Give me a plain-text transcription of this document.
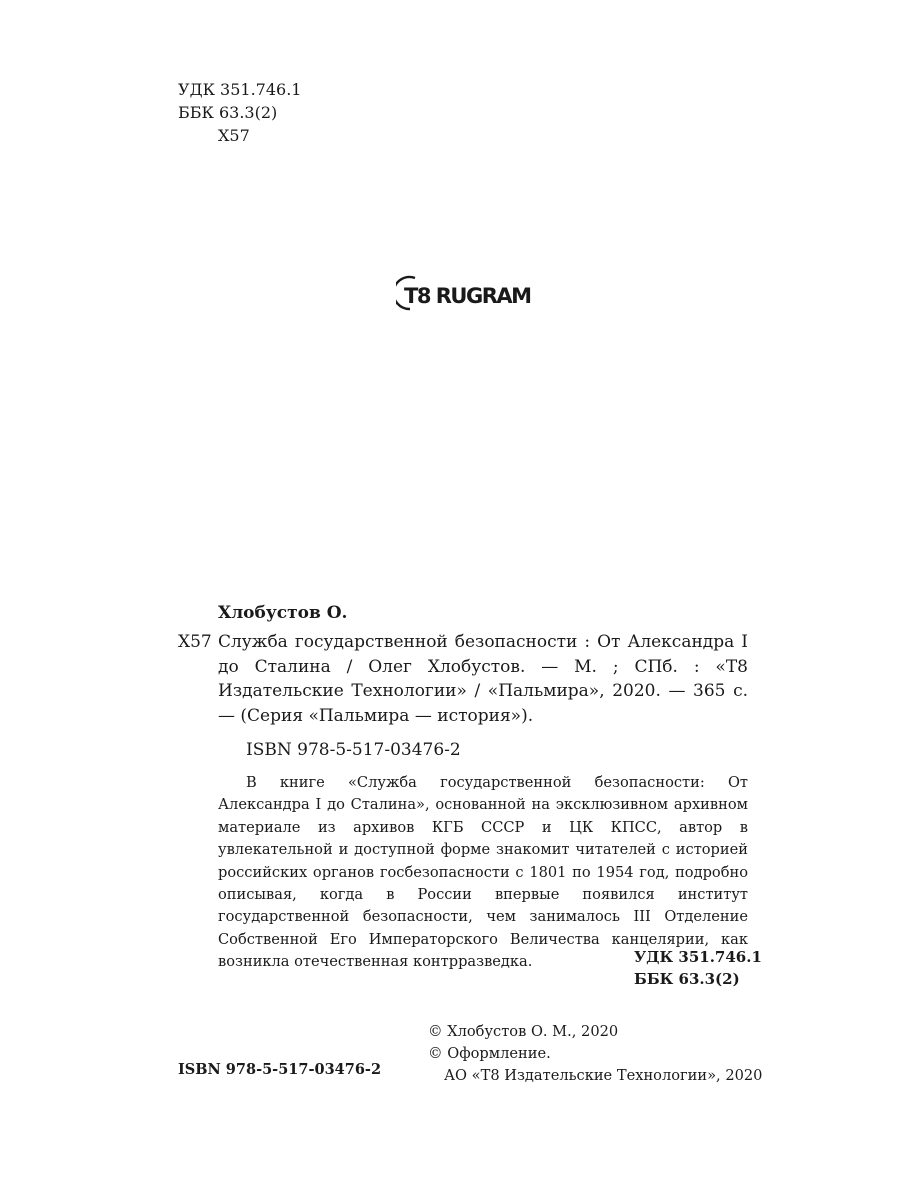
УДК 351.746.1
ББК 63.3(2)
Х57
T8 RUGRAM
Хлобустов О.
Х57 Служба государственной безопасности : От Александра I до Сталина / Олег Хлобустов. — М. ; СПб. : «Т8 Издательские Технологии» / «Пальмира», 2020. — 365 с. — (Серия «Пальмира — история»).
ISBN 978-5-517-03476-2
В книге «Служба государственной безопасности: От Александра I до Сталина», основанной на эксклюзивном архивном материале из архивов КГБ СССР и ЦК КПСС, автор в увлекательной и доступной форме знакомит читателей с историей российских органов госбезопасности с 1801 по 1954 год, подробно описывая, когда в России впервые появился институт государственной безопасности, чем занималось III Отделение Собственной Его Императорского Величества канцелярии, как возникла отечественная контрразведка.	УДК 351.746.1
ББК 63.3(2)
ISBN 978-5-517-03476-2
© Хлобустов О. М., 2020
© Оформление.
АО «Т8 Издательские Технологии», 2020
